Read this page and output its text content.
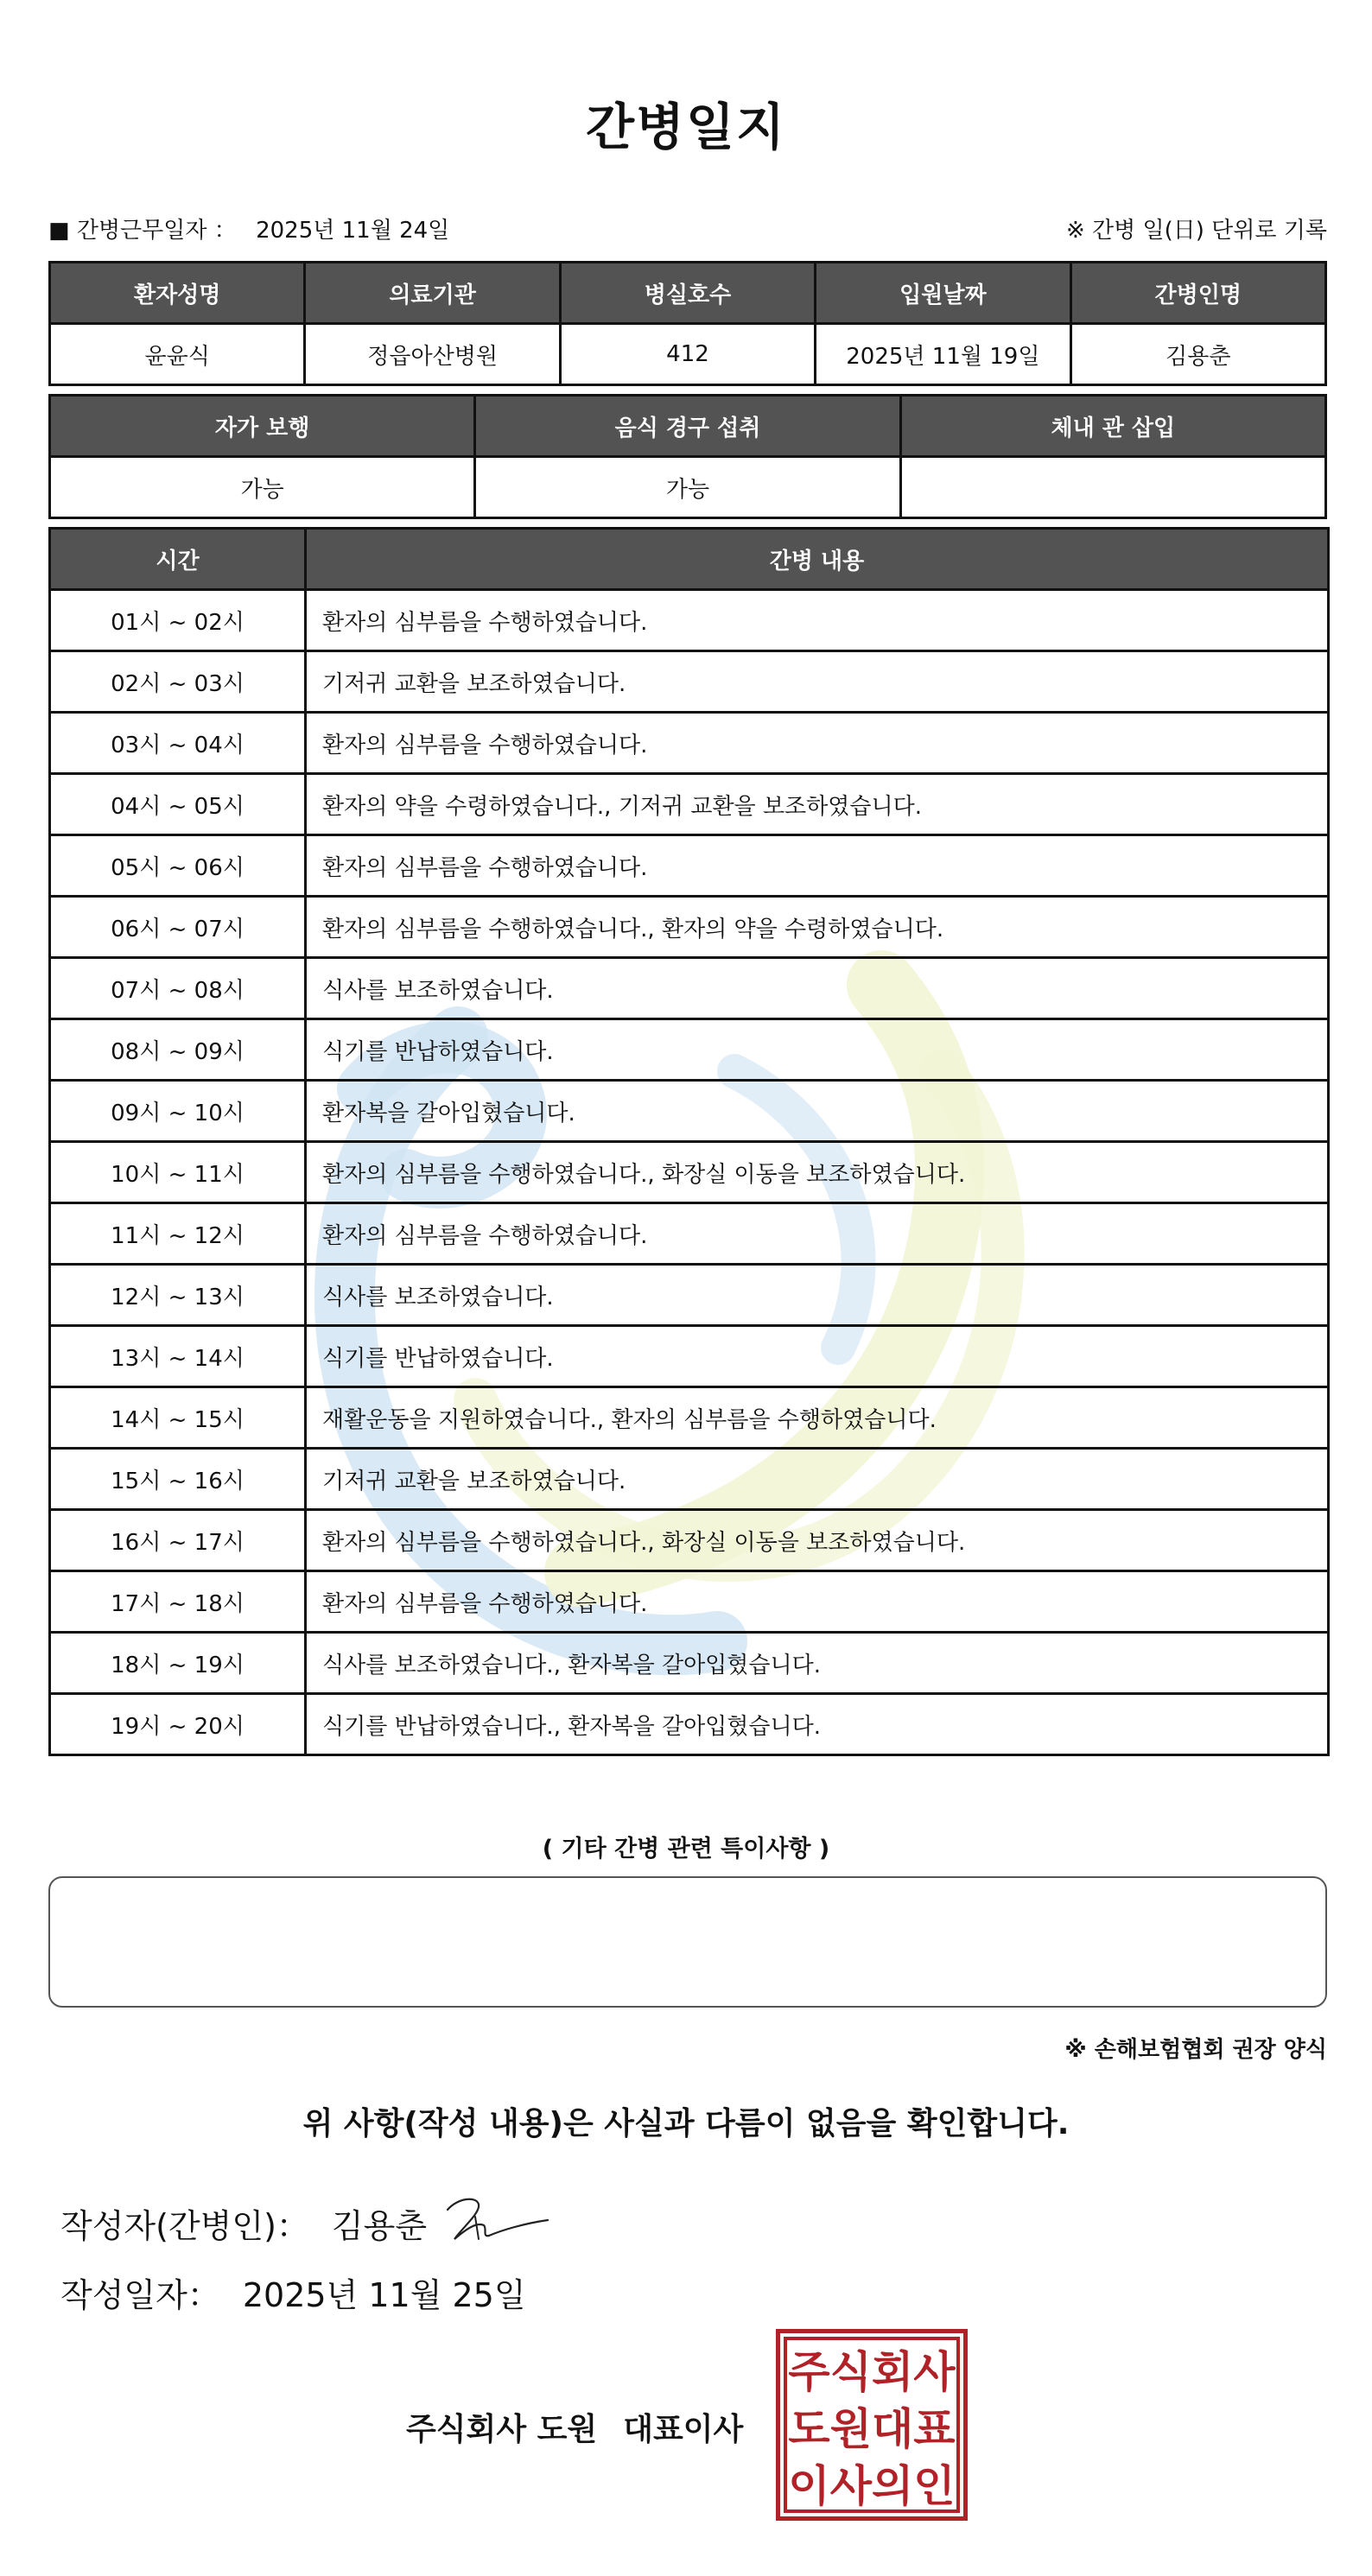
간병일지
■ 간병근무일자 ： 2025년 11월 24일	※ 간병 일(日) 단위로 기록
환자성명	의료기관	병실호수	입원날짜	간병인명
윤윤식	정읍아산병원	412	2025년 11월 19일	김용춘
자가 보행	음식 경구 섭취	체내 관 삽입
가능	가능	
시간	간병 내용
01시 ~ 02시	환자의 심부름을 수행하였습니다.
02시 ~ 03시	기저귀 교환을 보조하였습니다.
03시 ~ 04시	환자의 심부름을 수행하였습니다.
04시 ~ 05시	환자의 약을 수령하였습니다., 기저귀 교환을 보조하였습니다.
05시 ~ 06시	환자의 심부름을 수행하였습니다.
06시 ~ 07시	환자의 심부름을 수행하였습니다., 환자의 약을 수령하였습니다.
07시 ~ 08시	식사를 보조하였습니다.
08시 ~ 09시	식기를 반납하였습니다.
09시 ~ 10시	환자복을 갈아입혔습니다.
10시 ~ 11시	환자의 심부름을 수행하였습니다., 화장실 이동을 보조하였습니다.
11시 ~ 12시	환자의 심부름을 수행하였습니다.
12시 ~ 13시	식사를 보조하였습니다.
13시 ~ 14시	식기를 반납하였습니다.
14시 ~ 15시	재활운동을 지원하였습니다., 환자의 심부름을 수행하였습니다.
15시 ~ 16시	기저귀 교환을 보조하였습니다.
16시 ~ 17시	환자의 심부름을 수행하였습니다., 화장실 이동을 보조하였습니다.
17시 ~ 18시	환자의 심부름을 수행하였습니다.
18시 ~ 19시	식사를 보조하였습니다., 환자복을 갈아입혔습니다.
19시 ~ 20시	식기를 반납하였습니다., 환자복을 갈아입혔습니다.
( 기타 간병 관련 특이사항 )
※ 손해보험협회 권장 양식
위 사항(작성 내용)은 사실과 다름이 없음을 확인합니다.
작성자(간병인)： 김용춘
작성일자： 2025년 11월 25일
주식회사 도원 대표이사
주식회사
도원대표
이사의인
